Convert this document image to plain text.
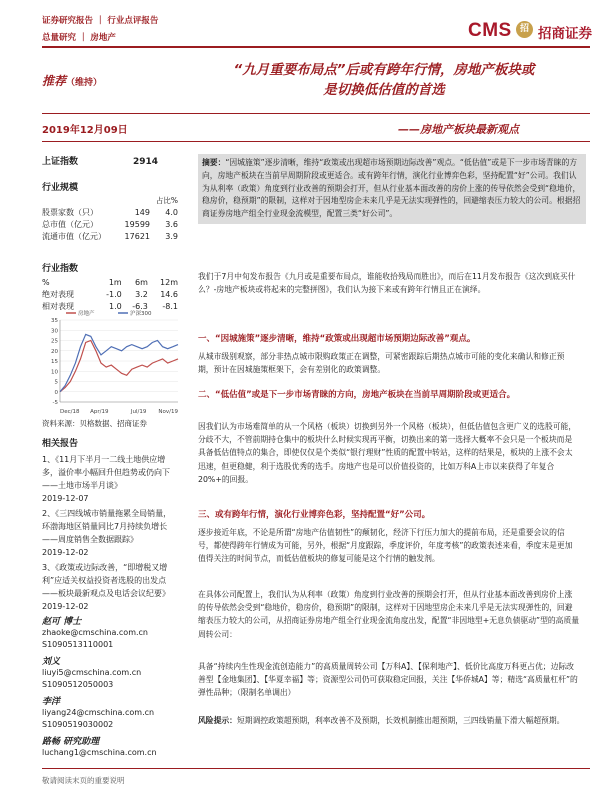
证券研究报告 ｜ 行业点评报告
总量研究 ｜ 房地产	CMS 招 招商证券
推荐（维持）
“九月重要布局点”后或有跨年行情，房地产板块或
是切换低估值的首选
2019年12月09日	——房地产板块最新观点
上证指数	2914
行业规模
占比%
股票家数（只）	149	4.0
总市值（亿元）	19599	3.6
流通市值（亿元）	17621	3.9
行业指数
%	1m	6m	12m
绝对表现	-1.0	3.2	14.6
相对表现	1.0	-6.3	-8.1
35
30
25
20
15
10
5
0
-5
Dec/18 Apr/19	Jul/19 Nov/19
房地产	沪深300
资料来源：贝格数据、招商证券
相关报告
1、《11月下半月一二线土地供应增多，溢价率小幅回升但趋势或仍向下——土地市场半月谈》
2019-12-07
2、《三四线城市销量拖累全局销量，环渤海地区销量同比7月持续负增长——周度销售全数据跟踪》
2019-12-02
3、《政策或边际改善，“即增税又增利”应适关权益投资者选股的出发点——板块最新观点及电话会议纪要》
2019-12-02
赵可 博士
zhaoke@cmschina.com.cn
S1090513110001
刘义
liuyi5@cmschina.com.cn
S1090512050003
李洋
liyang24@cmschina.com.cn
S1090519030002
路畅 研究助理
luchang1@cmschina.com.cn
摘要：“因城施策”逐步清晰，维持“政策或出现超市场预期边际改善”观点。“低估值”或是下一步市场青睐的方向，房地产板块在当前早周期阶段或更适合。或有跨年行情，演化行业博弈色彩，坚持配置“好”公司。我们认为从利率（政策）角度到行业改善的预期会打开，但从行业基本面改善的房价上涨的传导依然会受到“稳地价，稳房价，稳预期”的限制，这样对于因地型房企未来几乎是无法实现弹性的，回避缩表压力较大的公司。根据招商证券房地产组全行业现金流模型，配置三类“好公司”。
我们于7月中旬发布报告《九月或是重要布局点，谁能收拾残局而胜出》，而后在11月发布报告《这次到底买什么？-房地产板块或将起来的完整拼图》，我们认为接下来或有跨年行情且正在演绎。
一、“因城施策”逐步清晰，维持“政策或出现超市场预期边际改善”观点。
从城市级别观察，部分非热点城市限购政策正在调整，可紧密跟踪后期热点城市可能的变化来确认和修正预期，预计在因城施策框架下，会有差别化的政策调整。
二、“低估值”或是下一步市场青睐的方向，房地产板块在当前早周期阶段或更适合。
因我们认为市场难简单的从一个风格（板块）切换到另外一个风格（板块），但低估值包含更广义的选股可能，分歧不大，不管前期持仓集中的板块什么时候实现再平衡，切换出来的第一选择大概率不会只是一个板块而是具备低估值特点的集合，即使仅仅是个类似“银行理财”性质的配置中转站，这样的结果是，板块的上涨不会太迅速，但更稳健，利于选股优秀的选手。房地产也是可以价值投资的，比如万科A上市以来获得了年复合20%+的回报。
三、或有跨年行情，演化行业博弈色彩，坚持配置“好”公司。
逐步接近年底，不论是所谓“房地产估值韧性”的颠韧化，经济下行压力加大的提前布局，还是重要会议的信号，都使得跨年行情成为可能，另外，根据“月度跟踪，季度评价，年度考核”的政策表述来看，季度末是更加值得关注的时间节点，而低估值板块的修复可能是这个行情的触发剂。
在具体公司配置上，我们认为从利率（政策）角度到行业改善的预期会打开，但从行业基本面改善到房价上涨的传导依然会受到“稳地价，稳房价，稳预期”的限制，这样对于因地型房企未来几乎是无法实现弹性的，回避缩表压力较大的公司，从招商证券房地产组全行业现金流角度出发，配置“非因地型+无息负债驱动”型的高质量周转公司：
具备“持续内生性现金流创造能力”的高质量周转公司【万科A】、【保利地产】、低价比高度万科更占优；边际改善型【金地集团】、【华夏幸福】等；资源型公司仍可获取稳定回报，关注【华侨城A】等；精选“高质量杠杆”的弹性品种；（限制名单调出）
风险提示：短期调控政策超预期，利率改善不及预期，长效机制推出超预期，三四线销量下滑大幅超预期。
敬请阅读末页的重要说明
